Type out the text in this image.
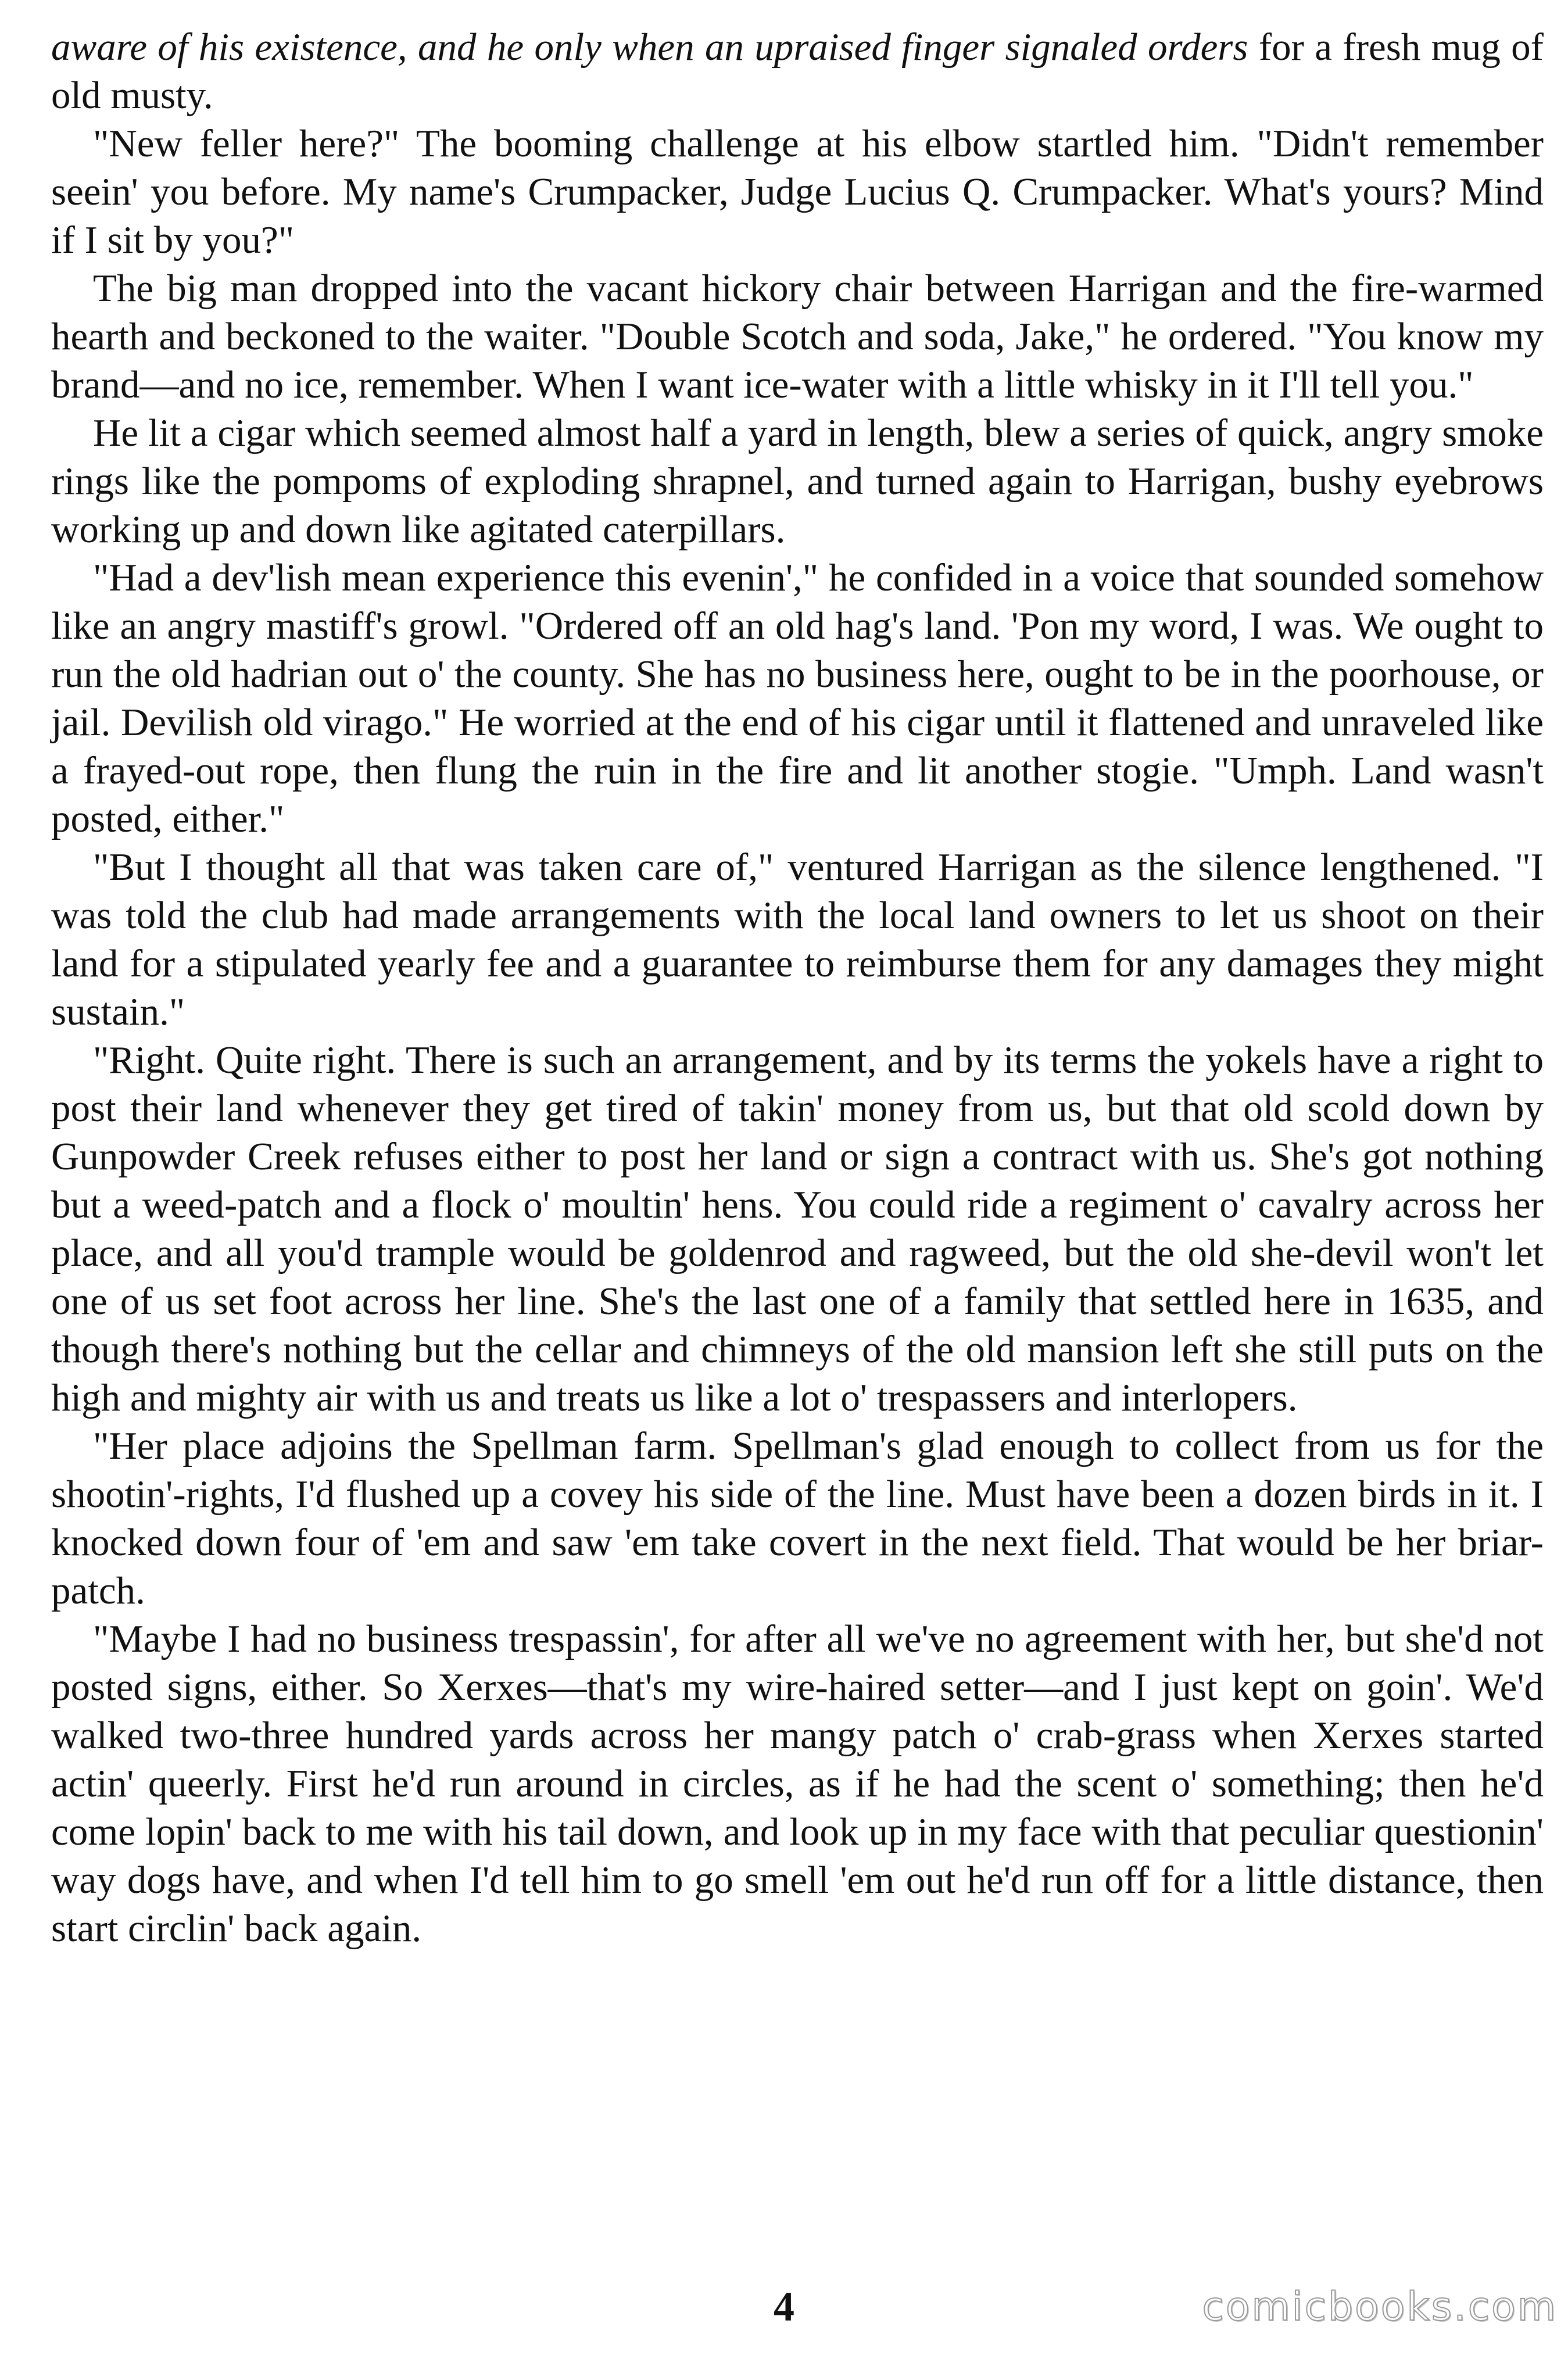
aware of his existence, and he only when an upraised finger signaled orders for a fresh mug of old musty.

"New feller here?" The booming challenge at his elbow startled him. "Didn't remember seein' you before. My name's Crumpacker, Judge Lucius Q. Crumpacker. What's yours? Mind if I sit by you?"

The big man dropped into the vacant hickory chair between Harrigan and the fire-warmed hearth and beckoned to the waiter. "Double Scotch and soda, Jake," he ordered. "You know my brand—and no ice, remember. When I want ice-water with a little whisky in it I'll tell you."

He lit a cigar which seemed almost half a yard in length, blew a series of quick, angry smoke rings like the pompoms of exploding shrapnel, and turned again to Harrigan, bushy eyebrows working up and down like agitated caterpillars.

"Had a dev'lish mean experience this evenin'," he confided in a voice that sounded somehow like an angry mastiff's growl. "Ordered off an old hag's land. 'Pon my word, I was. We ought to run the old hadrian out o' the county. She has no business here, ought to be in the poorhouse, or jail. Devilish old virago." He worried at the end of his cigar until it flattened and unraveled like a frayed-out rope, then flung the ruin in the fire and lit another stogie. "Umph. Land wasn't posted, either."

"But I thought all that was taken care of," ventured Harrigan as the silence lengthened. "I was told the club had made arrangements with the local land owners to let us shoot on their land for a stipulated yearly fee and a guarantee to reimburse them for any damages they might sustain."

"Right. Quite right. There is such an arrangement, and by its terms the yokels have a right to post their land whenever they get tired of takin' money from us, but that old scold down by Gunpowder Creek refuses either to post her land or sign a contract with us. She's got nothing but a weed-patch and a flock o' moultin' hens. You could ride a regiment o' cavalry across her place, and all you'd trample would be goldenrod and ragweed, but the old she-devil won't let one of us set foot across her line. She's the last one of a family that settled here in 1635, and though there's nothing but the cellar and chimneys of the old mansion left she still puts on the high and mighty air with us and treats us like a lot o' trespassers and interlopers.

"Her place adjoins the Spellman farm. Spellman's glad enough to collect from us for the shootin'-rights, I'd flushed up a covey his side of the line. Must have been a dozen birds in it. I knocked down four of 'em and saw 'em take covert in the next field. That would be her briar-patch.

"Maybe I had no business trespassin', for after all we've no agreement with her, but she'd not posted signs, either. So Xerxes—that's my wire-haired setter—and I just kept on goin'. We'd walked two-three hundred yards across her mangy patch o' crab-grass when Xerxes started actin' queerly. First he'd run around in circles, as if he had the scent o' something; then he'd come lopin' back to me with his tail down, and look up in my face with that peculiar questionin' way dogs have, and when I'd tell him to go smell 'em out he'd run off for a little distance, then start circlin' back again.

4	comicbooks.com
